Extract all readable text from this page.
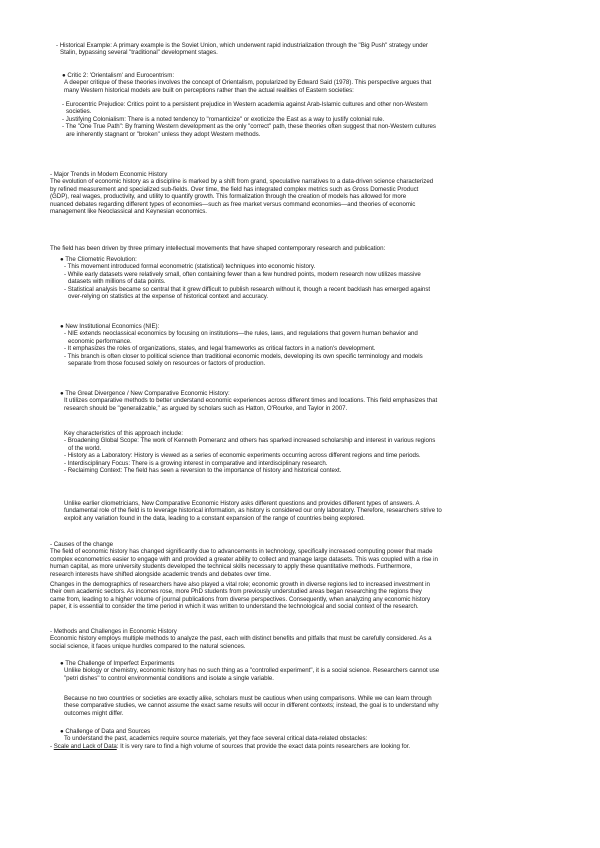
- Historical Example: A primary example is the Soviet Union, which underwent rapid industrialization through the "Big Push" strategy under
Stalin, bypassing several "traditional" development stages.
● Critic 2: 'Orientalism' and Eurocentrism:
A deeper critique of these theories involves the concept of Orientalism, popularized by Edward Said (1978). This perspective argues that
many Western historical models are built on perceptions rather than the actual realities of Eastern societies:
- Eurocentric Prejudice: Critics point to a persistent prejudice in Western academia against Arab-Islamic cultures and other non-Western
societies.
- Justifying Colonialism: There is a noted tendency to "romanticize" or exoticize the East as a way to justify colonial rule.
- The "One True Path": By framing Western development as the only "correct" path, these theories often suggest that non-Western cultures
are inherently stagnant or "broken" unless they adopt Western methods.
- Major Trends in Modern Economic History
The evolution of economic history as a discipline is marked by a shift from grand, speculative narratives to a data-driven science characterized
by refined measurement and specialized sub-fields. Over time, the field has integrated complex metrics such as Gross Domestic Product
(GDP), real wages, productivity, and utility to quantify growth. This formalization through the creation of models has allowed for more
nuanced debates regarding different types of economies—such as free market versus command economies—and theories of economic
management like Neoclassical and Keynesian economics.
The field has been driven by three primary intellectual movements that have shaped contemporary research and publication:
● The Cliometric Revolution:
- This movement introduced formal econometric (statistical) techniques into economic history.
- While early datasets were relatively small, often containing fewer than a few hundred points, modern research now utilizes massive
datasets with millions of data points.
- Statistical analysis became so central that it grew difficult to publish research without it, though a recent backlash has emerged against
over-relying on statistics at the expense of historical context and accuracy.
● New Institutional Economics (NIE):
- NIE extends neoclassical economics by focusing on institutions—the rules, laws, and regulations that govern human behavior and
economic performance.
- It emphasizes the roles of organizations, states, and legal frameworks as critical factors in a nation's development.
- This branch is often closer to political science than traditional economic models, developing its own specific terminology and models
separate from those focused solely on resources or factors of production.
● The Great Divergence / New Comparative Economic History:
It utilizes comparative methods to better understand economic experiences across different times and locations. This field emphasizes that
research should be "generalizable," as argued by scholars such as Hatton, O'Rourke, and Taylor in 2007.
Key characteristics of this approach include:
- Broadening Global Scope: The work of Kenneth Pomeranz and others has sparked increased scholarship and interest in various regions
of the world.
- History as a Laboratory: History is viewed as a series of economic experiments occurring across different regions and time periods.
- Interdisciplinary Focus: There is a growing interest in comparative and interdisciplinary research.
- Reclaiming Context: The field has seen a reversion to the importance of history and historical context.
Unlike earlier cliometricians, New Comparative Economic History asks different questions and provides different types of answers. A
fundamental role of the field is to leverage historical information, as history is considered our only laboratory. Therefore, researchers strive to
exploit any variation found in the data, leading to a constant expansion of the range of countries being explored.
- Causes of the change
The field of economic history has changed significantly due to advancements in technology, specifically increased computing power that made
complex econometrics easier to engage with and provided a greater ability to collect and manage large datasets. This was coupled with a rise in
human capital, as more university students developed the technical skills necessary to apply these quantitative methods. Furthermore,
research interests have shifted alongside academic trends and debates over time.
Changes in the demographics of researchers have also played a vital role; economic growth in diverse regions led to increased investment in
their own academic sectors. As incomes rose, more PhD students from previously understudied areas began researching the regions they
came from, leading to a higher volume of journal publications from diverse perspectives. Consequently, when analyzing any economic history
paper, it is essential to consider the time period in which it was written to understand the technological and social context of the research.
- Methods and Challenges in Economic History
Economic history employs multiple methods to analyze the past, each with distinct benefits and pitfalls that must be carefully considered. As a
social science, it faces unique hurdles compared to the natural sciences.
● The Challenge of Imperfect Experiments
Unlike biology or chemistry, economic history has no such thing as a "controlled experiment", it is a social science. Researchers cannot use
"petri dishes" to control environmental conditions and isolate a single variable.
Because no two countries or societies are exactly alike, scholars must be cautious when using comparisons. While we can learn through
these comparative studies, we cannot assume the exact same results will occur in different contexts; instead, the goal is to understand why
outcomes might differ.
● Challenge of Data and Sources
To understand the past, academics require source materials, yet they face several critical data-related obstacles:
- Scale and Lack of Data: It is very rare to find a high volume of sources that provide the exact data points researchers are looking for.
